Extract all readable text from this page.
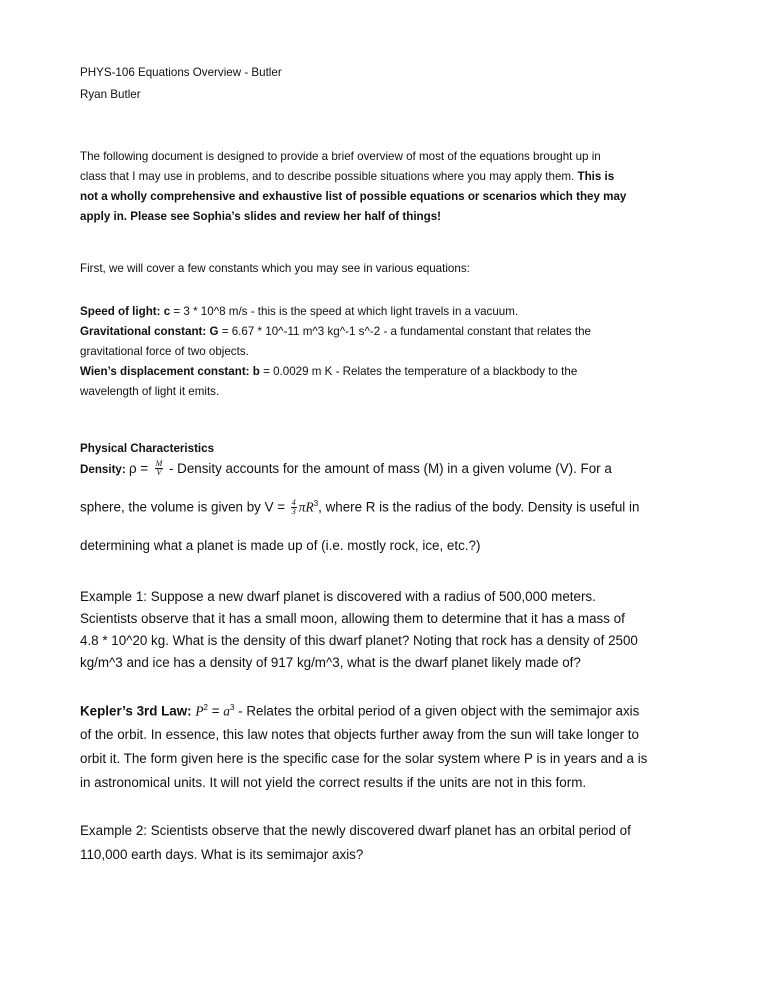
PHYS-106 Equations Overview - Butler
Ryan Butler
The following document is designed to provide a brief overview of most of the equations brought up in
class that I may use in problems, and to describe possible situations where you may apply them. This is
not a wholly comprehensive and exhaustive list of possible equations or scenarios which they may
apply in. Please see Sophia’s slides and review her half of things!
First, we will cover a few constants which you may see in various equations:
Speed of light: c = 3 * 10^8 m/s - this is the speed at which light travels in a vacuum.
Gravitational constant: G = 6.67 * 10^-11 m^3 kg^-1 s^-2 - a fundamental constant that relates the
gravitational force of two objects.
Wien’s displacement constant: b = 0.0029 m K - Relates the temperature of a blackbody to the
wavelength of light it emits.
Physical Characteristics
Density: $\rho = \frac{M}{V}$ - Density accounts for the amount of mass (M) in a given volume (V). For a
sphere, the volume is given by $V = \frac{4}{3} \pi R^3$, where R is the radius of the body. Density is useful in
determining what a planet is made up of (i.e. mostly rock, ice, etc.?)
Example 1: Suppose a new dwarf planet is discovered with a radius of 500,000 meters.
Scientists observe that it has a small moon, allowing them to determine that it has a mass of
4.8 * 10^20 kg. What is the density of this dwarf planet? Noting that rock has a density of 2500
kg/m^3 and ice has a density of 917 kg/m^3, what is the dwarf planet likely made of?
Kepler’s 3rd Law: $P^2 = a^3$ - Relates the orbital period of a given object with the semimajor axis
of the orbit. In essence, this law notes that objects further away from the sun will take longer to
orbit it. The form given here is the specific case for the solar system where P is in years and a is
in astronomical units. It will not yield the correct results if the units are not in this form.
Example 2: Scientists observe that the newly discovered dwarf planet has an orbital period of
110,000 earth days. What is its semimajor axis?
